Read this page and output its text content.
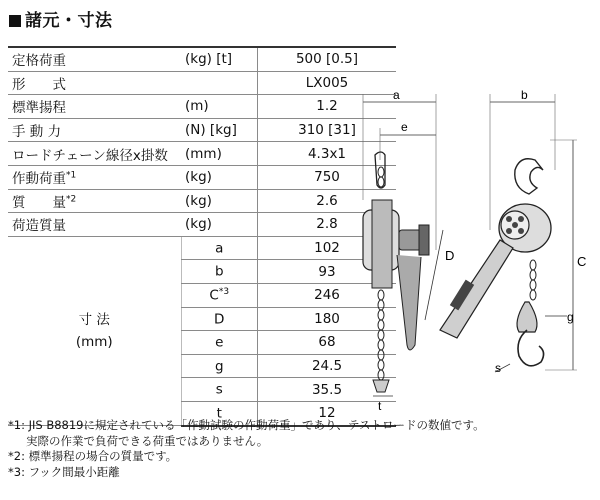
諸元・寸法
定格荷重	(kg) [t]	500 [0.5]
形　　式		LX005
標準揚程	(m)	1.2
手 動 力	(N) [kg]	310 [31]
ロードチェーン線径x掛数	(mm)	4.3x1
作動荷重$^{*1}$	(kg)	750
質　　量$^{*2}$	(kg)	2.6
荷造質量	(kg)	2.8

寸 法
(mm)	a	102
	b	93
	$C^{*3}$	246
	D	180
	e	68
	g	24.5
	s	35.5
	t	12
*1: JIS B8819に規定されている「作動試験の作動荷重」であり、テストロードの数値です。
実際の作業で負荷できる荷重ではありません。
*2: 標準揚程の場合の質量です。
*3: フック間最小距離
a
e
t
b
C
D
g
s
